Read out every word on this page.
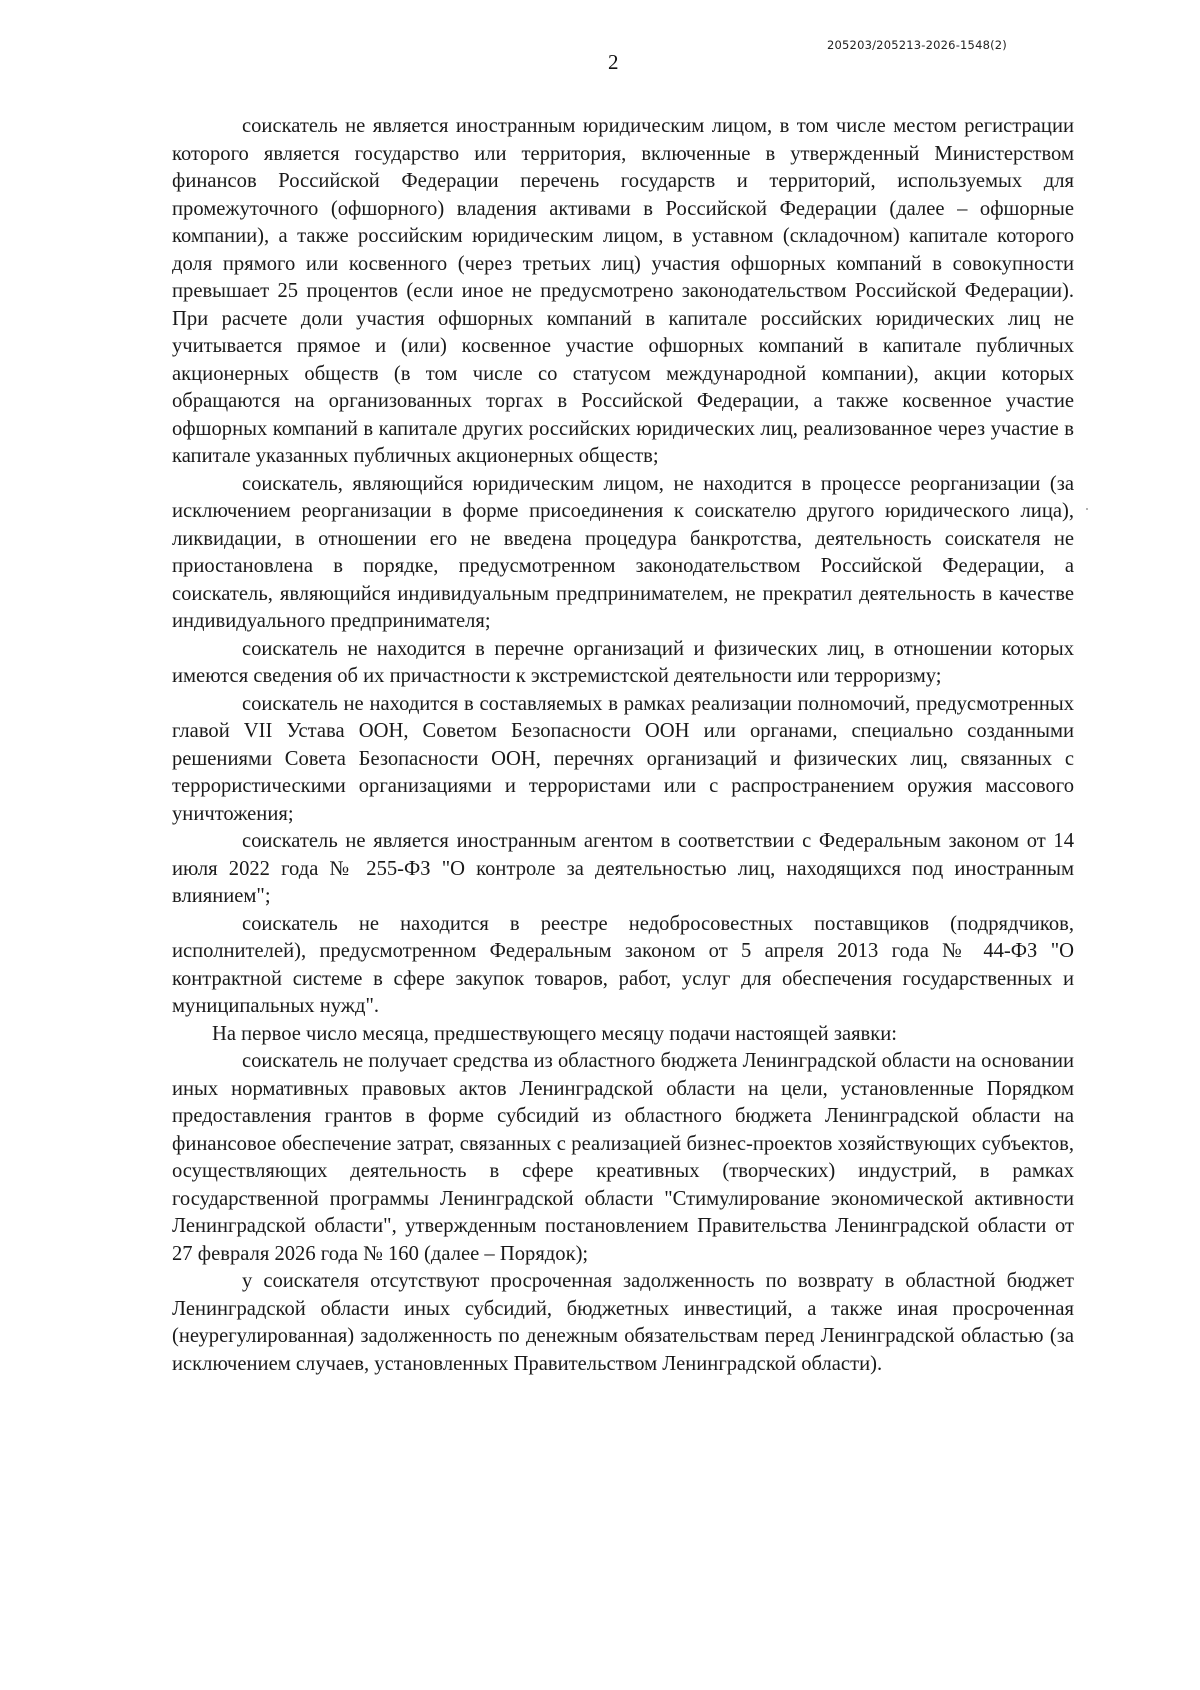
205203/205213-2026-1548(2)
2

соискатель не является иностранным юридическим лицом, в том числе местом регистрации которого является государство или территория, включенные в утвержденный Министерством финансов Российской Федерации перечень государств и территорий, используемых для промежуточного (офшорного) владения активами в Российской Федерации (далее – офшорные компании), а также российским юридическим лицом, в уставном (складочном) капитале которого доля прямого или косвенного (через третьих лиц) участия офшорных компаний в совокупности превышает 25 процентов (если иное не предусмотрено законодательством Российской Федерации). При расчете доли участия офшорных компаний в капитале российских юридических лиц не учитывается прямое и (или) косвенное участие офшорных компаний в капитале публичных акционерных обществ (в том числе со статусом международной компании), акции которых обращаются на организованных торгах в Российской Федерации, а также косвенное участие офшорных компаний в капитале других российских юридических лиц, реализованное через участие в капитале указанных публичных акционерных обществ;

соискатель, являющийся юридическим лицом, не находится в процессе реорганизации (за исключением реорганизации в форме присоединения к соискателю другого юридического лица), ликвидации, в отношении его не введена процедура банкротства, деятельность соискателя не приостановлена в порядке, предусмотренном законодательством Российской Федерации, а соискатель, являющийся индивидуальным предпринимателем, не прекратил деятельность в качестве индивидуального предпринимателя;

соискатель не находится в перечне организаций и физических лиц, в отношении которых имеются сведения об их причастности к экстремистской деятельности или терроризму;

соискатель не находится в составляемых в рамках реализации полномочий, предусмотренных главой VII Устава ООН, Советом Безопасности ООН или органами, специально созданными решениями Совета Безопасности ООН, перечнях организаций и физических лиц, связанных с террористическими организациями и террористами или с распространением оружия массового уничтожения;

соискатель не является иностранным агентом в соответствии с Федеральным законом от 14 июля 2022 года № 255-ФЗ "О контроле за деятельностью лиц, находящихся под иностранным влиянием";

соискатель не находится в реестре недобросовестных поставщиков (подрядчиков, исполнителей), предусмотренном Федеральным законом от 5 апреля 2013 года № 44-ФЗ "О контрактной системе в сфере закупок товаров, работ, услуг для обеспечения государственных и муниципальных нужд".

На первое число месяца, предшествующего месяцу подачи настоящей заявки:

соискатель не получает средства из областного бюджета Ленинградской области на основании иных нормативных правовых актов Ленинградской области на цели, установленные Порядком предоставления грантов в форме субсидий из областного бюджета Ленинградской области на финансовое обеспечение затрат, связанных с реализацией бизнес-проектов хозяйствующих субъектов, осуществляющих деятельность в сфере креативных (творческих) индустрий, в рамках государственной программы Ленинградской области "Стимулирование экономической активности Ленинградской области", утвержденным постановлением Правительства Ленинградской области от 27 февраля 2026 года № 160 (далее – Порядок);

у соискателя отсутствуют просроченная задолженность по возврату в областной бюджет Ленинградской области иных субсидий, бюджетных инвестиций, а также иная просроченная (неурегулированная) задолженность по денежным обязательствам перед Ленинградской областью (за исключением случаев, установленных Правительством Ленинградской области).
